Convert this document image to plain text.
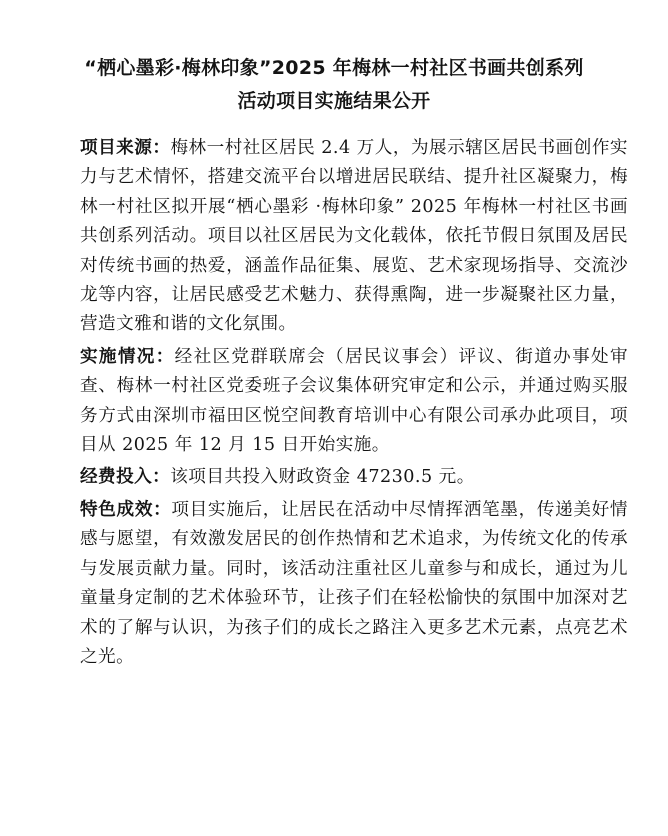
“栖心墨彩·梅林印象”2025 年梅林一村社区书画共创系列
活动项目实施结果公开

项目来源：梅林一村社区居民 2.4 万人，为展示辖区居民书画创作实力与艺术情怀，搭建交流平台以增进居民联结、提升社区凝聚力，梅林一村社区拟开展“栖心墨彩 ·梅林印象” 2025 年梅林一村社区书画共创系列活动。项目以社区居民为文化载体，依托节假日氛围及居民对传统书画的热爱，涵盖作品征集、展览、艺术家现场指导、交流沙龙等内容，让居民感受艺术魅力、获得熏陶，进一步凝聚社区力量，营造文雅和谐的文化氛围。

实施情况：经社区党群联席会（居民议事会）评议、街道办事处审查、梅林一村社区党委班子会议集体研究审定和公示，并通过购买服务方式由深圳市福田区悦空间教育培训中心有限公司承办此项目，项目从 2025 年 12 月 15 日开始实施。

经费投入：该项目共投入财政资金 47230.5 元。

特色成效：项目实施后，让居民在活动中尽情挥洒笔墨，传递美好情感与愿望，有效激发居民的创作热情和艺术追求，为传统文化的传承与发展贡献力量。同时，该活动注重社区儿童参与和成长，通过为儿童量身定制的艺术体验环节，让孩子们在轻松愉快的氛围中加深对艺术的了解与认识，为孩子们的成长之路注入更多艺术元素，点亮艺术之光。
